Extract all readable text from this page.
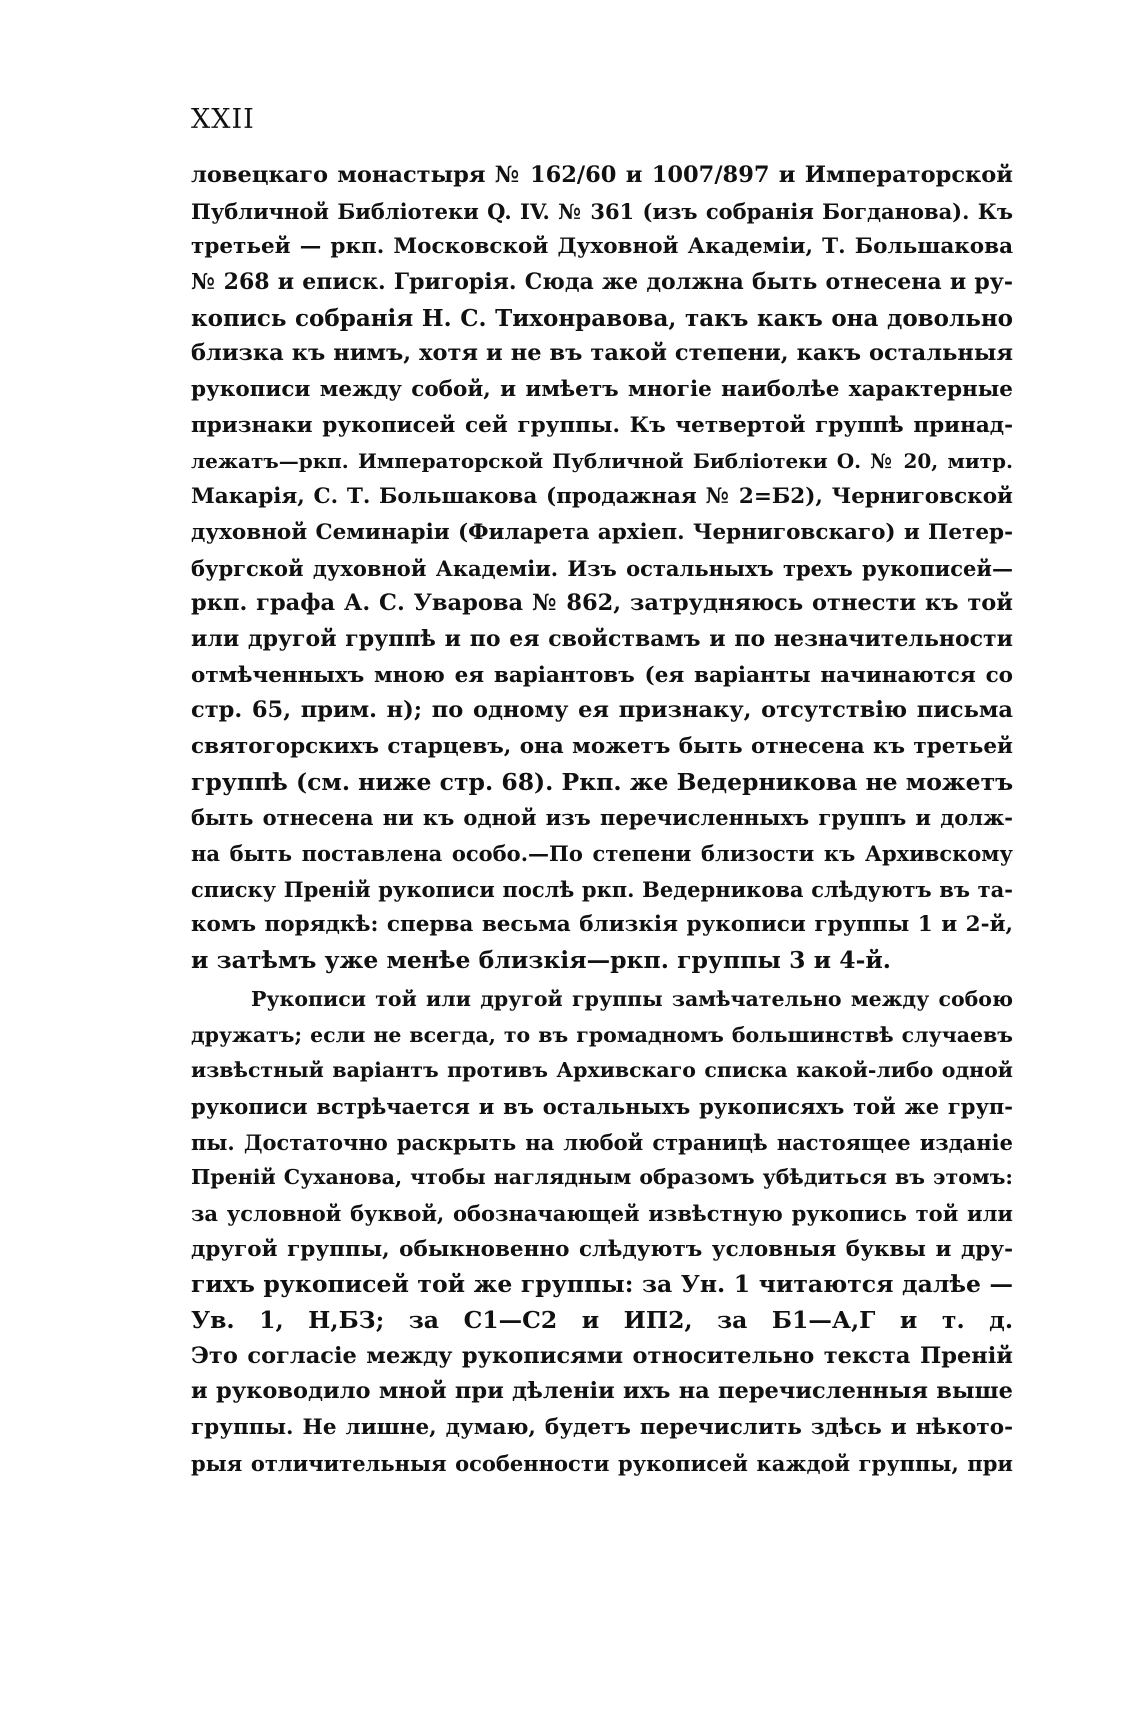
XXII
ловецкаго монастыря № 162/60 и 1007/897 и Императорской
Публичной Библіотеки Q. IV. № 361 (изъ собранія Богданова). Къ
третьей — ркп. Московской Духовной Академіи, Т. Большакова
№ 268 и еписк. Григорія. Сюда же должна быть отнесена и ру-
копись собранія Н. С. Тихонравова, такъ какъ она довольно
близка къ нимъ, хотя и не въ такой степени, какъ остальныя
рукописи между собой, и имѣетъ многіе наиболѣе характерные
признаки рукописей сей группы. Къ четвертой группѣ принад-
лежатъ—ркп. Императорской Публичной Библіотеки О. № 20, митр.
Макарія, С. Т. Большакова (продажная № 2=Б2), Черниговской
духовной Семинаріи (Филарета архіеп. Черниговскаго) и Петер-
бургской духовной Академіи. Изъ остальныхъ трехъ рукописей—
ркп. графа А. С. Уварова № 862, затрудняюсь отнести къ той
или другой группѣ и по ея свойствамъ и по незначительности
отмѣченныхъ мною ея варіантовъ (ея варіанты начинаются со
стр. 65, прим. н); по одному ея признаку, отсутствію письма
святогорскихъ старцевъ, она можетъ быть отнесена къ третьей
группѣ (см. ниже стр. 68). Ркп. же Ведерникова не можетъ
быть отнесена ни къ одной изъ перечисленныхъ группъ и долж-
на быть поставлена особо.—По степени близости къ Архивскому
списку Преній рукописи послѣ ркп. Ведерникова слѣдуютъ въ та-
комъ порядкѣ: сперва весьма близкія рукописи группы 1 и 2-й,
и затѣмъ уже менѣе близкія—ркп. группы 3 и 4-й.
Рукописи той или другой группы замѣчательно между собою
дружатъ; если не всегда, то въ громадномъ большинствѣ случаевъ
извѣстный варіантъ противъ Архивскаго списка какой-либо одной
рукописи встрѣчается и въ остальныхъ рукописяхъ той же груп-
пы. Достаточно раскрыть на любой страницѣ настоящее изданіе
Преній Суханова, чтобы наглядным образомъ убѣдиться въ этомъ:
за условной буквой, обозначающей извѣстную рукопись той или
другой группы, обыкновенно слѣдуютъ условныя буквы и дру-
гихъ рукописей той же группы: за Ун. 1 читаются далѣе —
Ув. 1, Н,БЗ; за С1—С2 и ИП2, за Б1—А,Г и т. д.
Это согласіе между рукописями относительно текста Преній
и руководило мной при дѣленіи ихъ на перечисленныя выше
группы. Не лишне, думаю, будетъ перечислить здѣсь и нѣкото-
рыя отличительныя особенности рукописей каждой группы, при
